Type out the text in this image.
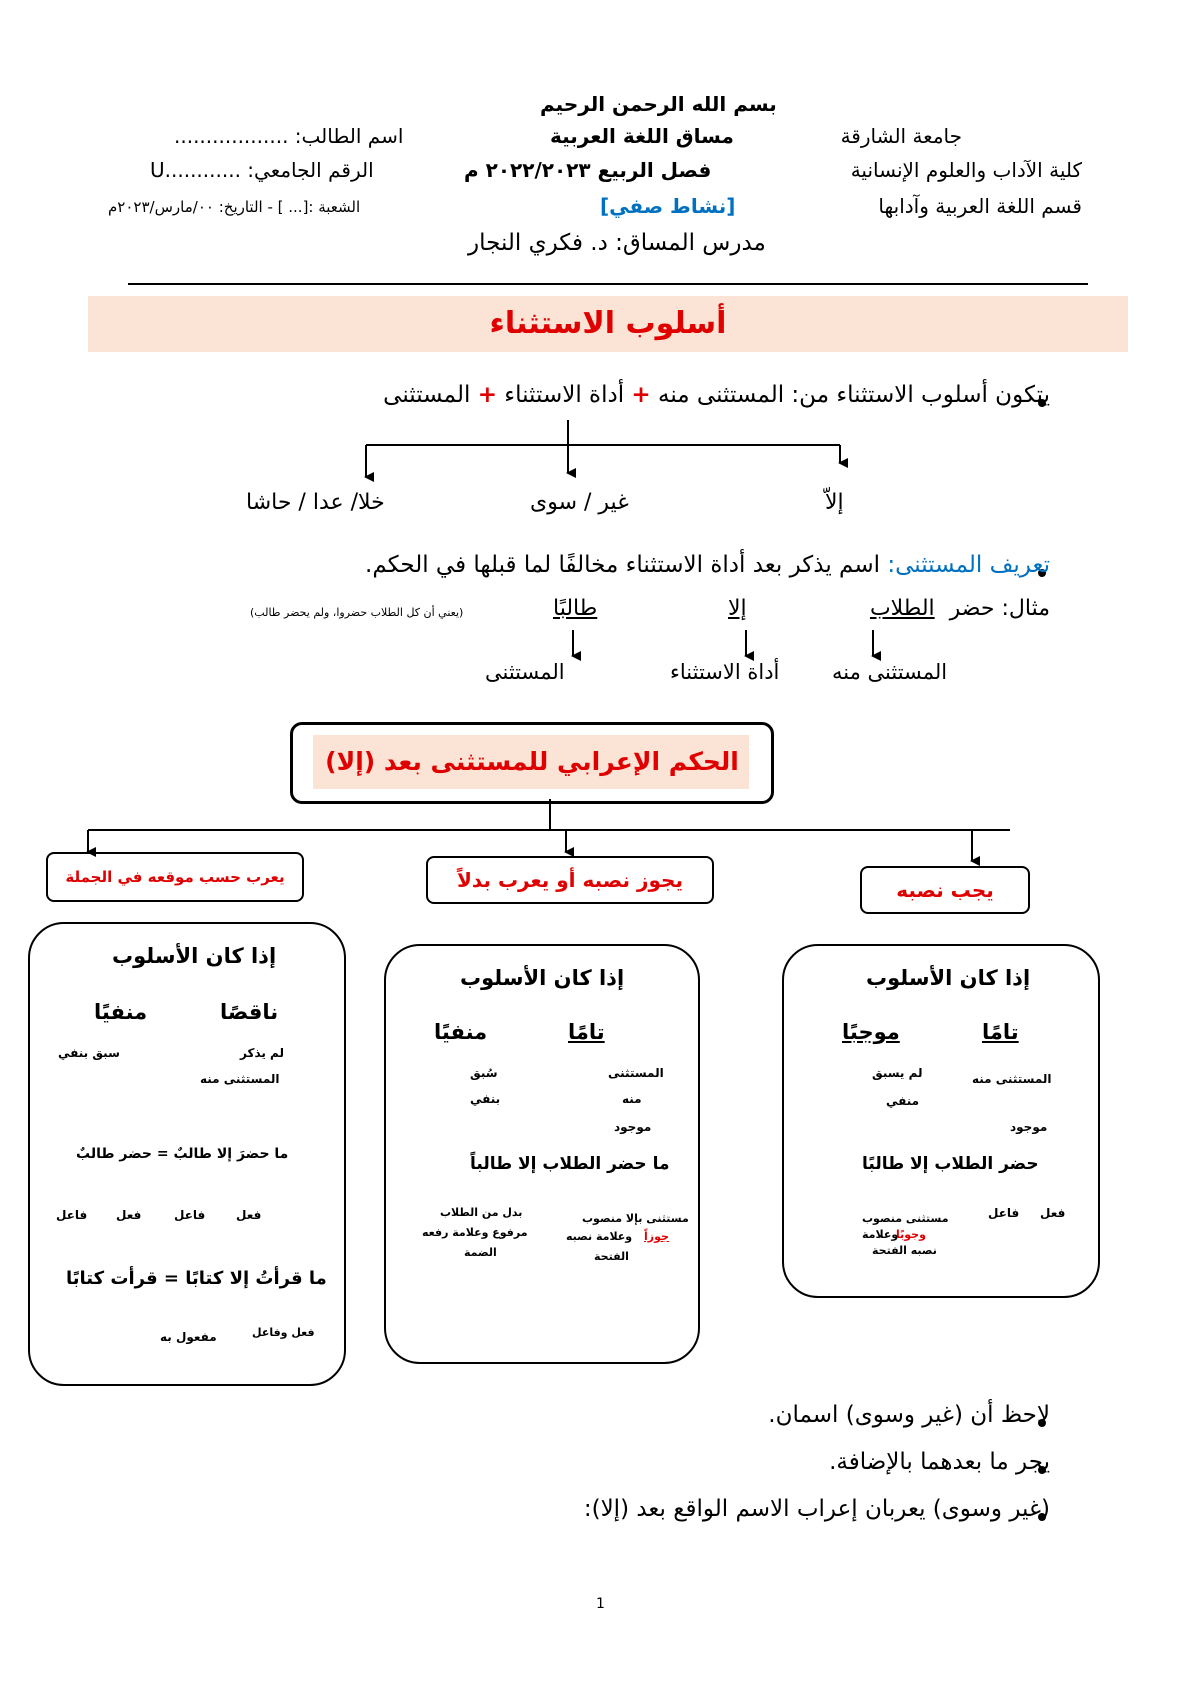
بسم الله الرحمن الرحيم
جامعة الشارقة
كلية الآداب والعلوم الإنسانية
قسم اللغة العربية وآدابها
مساق اللغة العربية
فصل الربيع ٢٠٢٢/٢٠٢٣ م
[نشاط صفي]
مدرس المساق: د. فكري النجار
اسم الطالب: ..................
الرقم الجامعي: ............U
الشعبة :[... ] - التاريخ: ٠٠/مارس/٢٠٢٣م
أسلوب الاستثناء
يتكون أسلوب الاستثناء من: المستثنى منه + أداة الاستثناء + المستثنى
إلاّ
غير / سوى
خلا/ عدا / حاشا
تعريف المستثنى: اسم يذكر بعد أداة الاستثناء مخالفًا لما قبلها في الحكم.
مثال: حضر الطلاب
إلا
طالبًا
(يعني أن كل الطلاب حضروا، ولم يحضر طالب)
المستثنى منه
أداة الاستثناء
المستثنى
الحكم الإعرابي للمستثنى بعد (إلا)
يجب نصبه
يجوز نصبه أو يعرب بدلاً
يعرب حسب موقعه في الجملة
إذا كان الأسلوب
تامًا
موجبًا
المستثنى منه
موجود
لم يسبق
منفي
حضر الطلاب إلا طالبًا
فعل
فاعل
مستثنى منصوب
وجوبًا
وعلامة
نصبه الفتحة
إذا كان الأسلوب
تامًا
منفيًا
المستثنى
منه
موجود
سُبق
بنفي
ما حضر الطلاب إلا طالباً
مستثنى بإلا منصوب
جوزاً
وعلامة نصبه
الفتحة
بدل من الطلاب
مرفوع وعلامة رفعه
الضمة
إذا كان الأسلوب
ناقصًا
منفيًا
لم يذكر
المستثنى منه
سبق بنفي
ما حضرَ إلا طالبٌ = حضر طالبٌ
فعل
فاعل
فعل
فاعل
ما قرأتُ إلا كتابًا = قرأت كتابًا
فعل وفاعل
مفعول به
لاحظ أن (غير وسوى) اسمان.
يجر ما بعدهما بالإضافة.
(غير وسوى) يعربان إعراب الاسم الواقع بعد (إلا):
1
